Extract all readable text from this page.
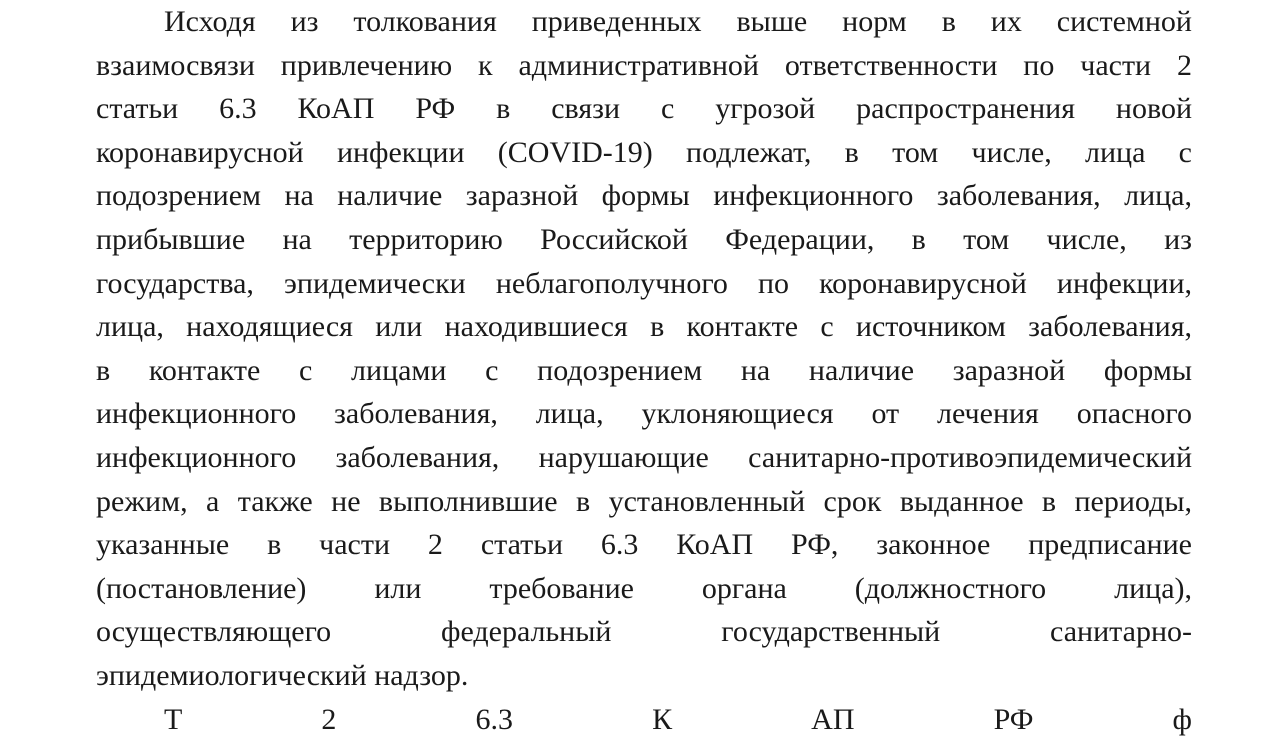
Исходя из толкования приведенных выше норм в их системной
взаимосвязи привлечению к административной ответственности по части 2
статьи 6.3 КоАП РФ в связи с угрозой распространения новой
коронавирусной инфекции (COVID-19) подлежат, в том числе, лица с
подозрением на наличие заразной формы инфекционного заболевания, лица,
прибывшие на территорию Российской Федерации, в том числе, из
государства, эпидемически неблагополучного по коронавирусной инфекции,
лица, находящиеся или находившиеся в контакте с источником заболевания,
в контакте с лицами с подозрением на наличие заразной формы
инфекционного заболевания, лица, уклоняющиеся от лечения опасного
инфекционного заболевания, нарушающие санитарно-противоэпидемический
режим, а также не выполнившие в установленный срок выданное в периоды,
указанные в части 2 статьи 6.3 КоАП РФ, законное предписание
(постановление) или требование органа (должностного лица),
осуществляющего федеральный государственный санитарно-
эпидемиологический надзор.
Т 2 6.3 К АП РФ ф
